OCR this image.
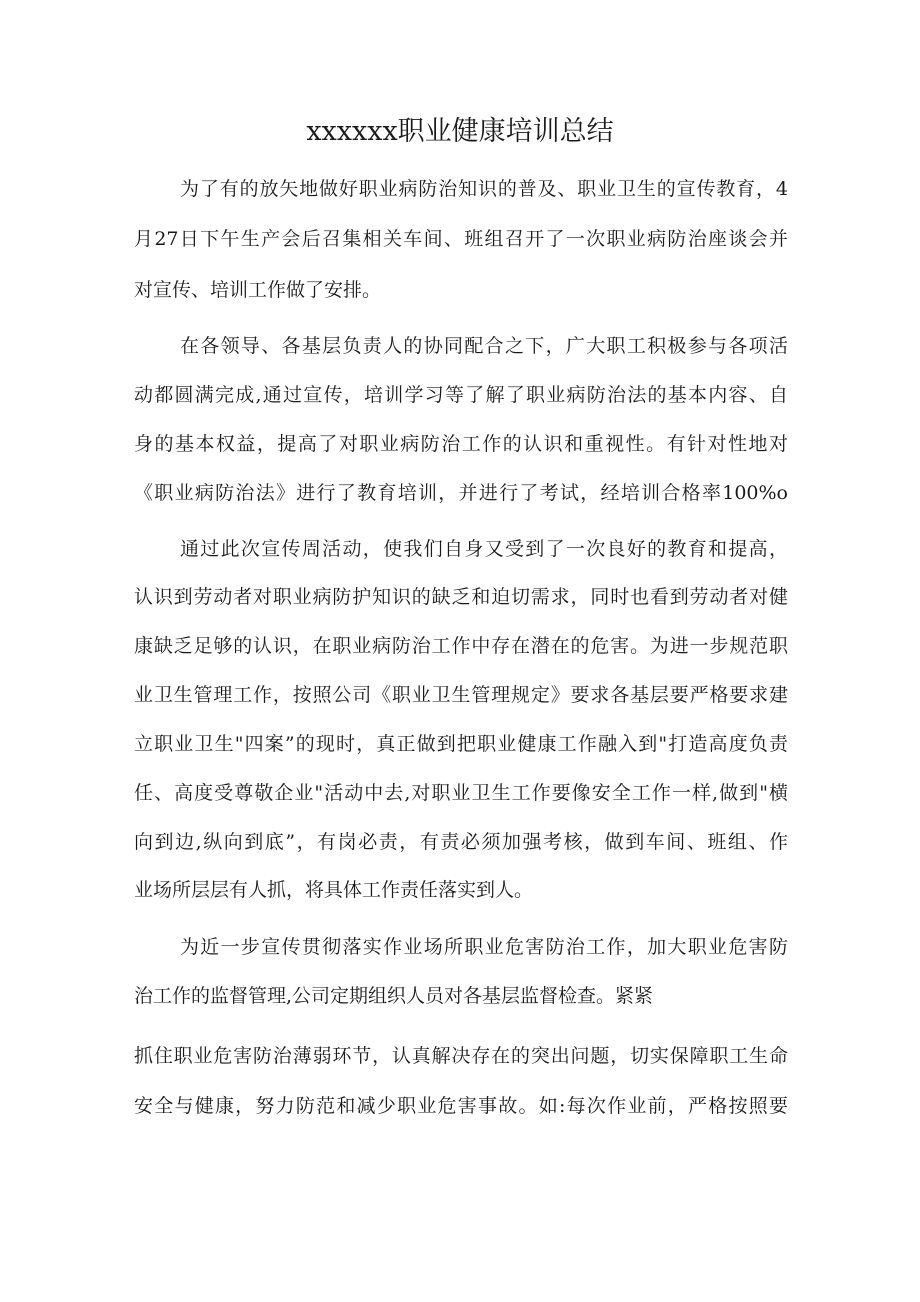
xxxxxx职业健康培训总结

为了有的放矢地做好职业病防治知识的普及、职业卫生的宣传教育，4

月27日下午生产会后召集相关车间、班组召开了一次职业病防治座谈会并

对宣传、培训工作做了安排。

在各领导、各基层负责人的协同配合之下，广大职工积极参与各项活

动都圆满完成,通过宣传，培训学习等了解了职业病防治法的基本内容、自

身的基本权益，提高了对职业病防治工作的认识和重视性。有针对性地对

《职业病防治法》进行了教育培训，并进行了考试，经培训合格率100%o

通过此次宣传周活动，使我们自身又受到了一次良好的教育和提高，

认识到劳动者对职业病防护知识的缺乏和迫切需求，同时也看到劳动者对健

康缺乏足够的认识，在职业病防治工作中存在潜在的危害。为进一步规范职

业卫生管理工作，按照公司《职业卫生管理规定》要求各基层要严格要求建

立职业卫生"四案”的现时，真正做到把职业健康工作融入到"打造高度负责

任、高度受尊敬企业"活动中去,对职业卫生工作要像安全工作一样,做到"横

向到边,纵向到底”，有岗必责，有责必须加强考核，做到车间、班组、作

业场所层层有人抓，将具体工作责任落实到人。

为近一步宣传贯彻落实作业场所职业危害防治工作，加大职业危害防

治工作的监督管理,公司定期组织人员对各基层监督检查。紧紧

抓住职业危害防治薄弱环节，认真解决存在的突出问题，切实保障职工生命

安全与健康，努力防范和减少职业危害事故。如:每次作业前，严格按照要
